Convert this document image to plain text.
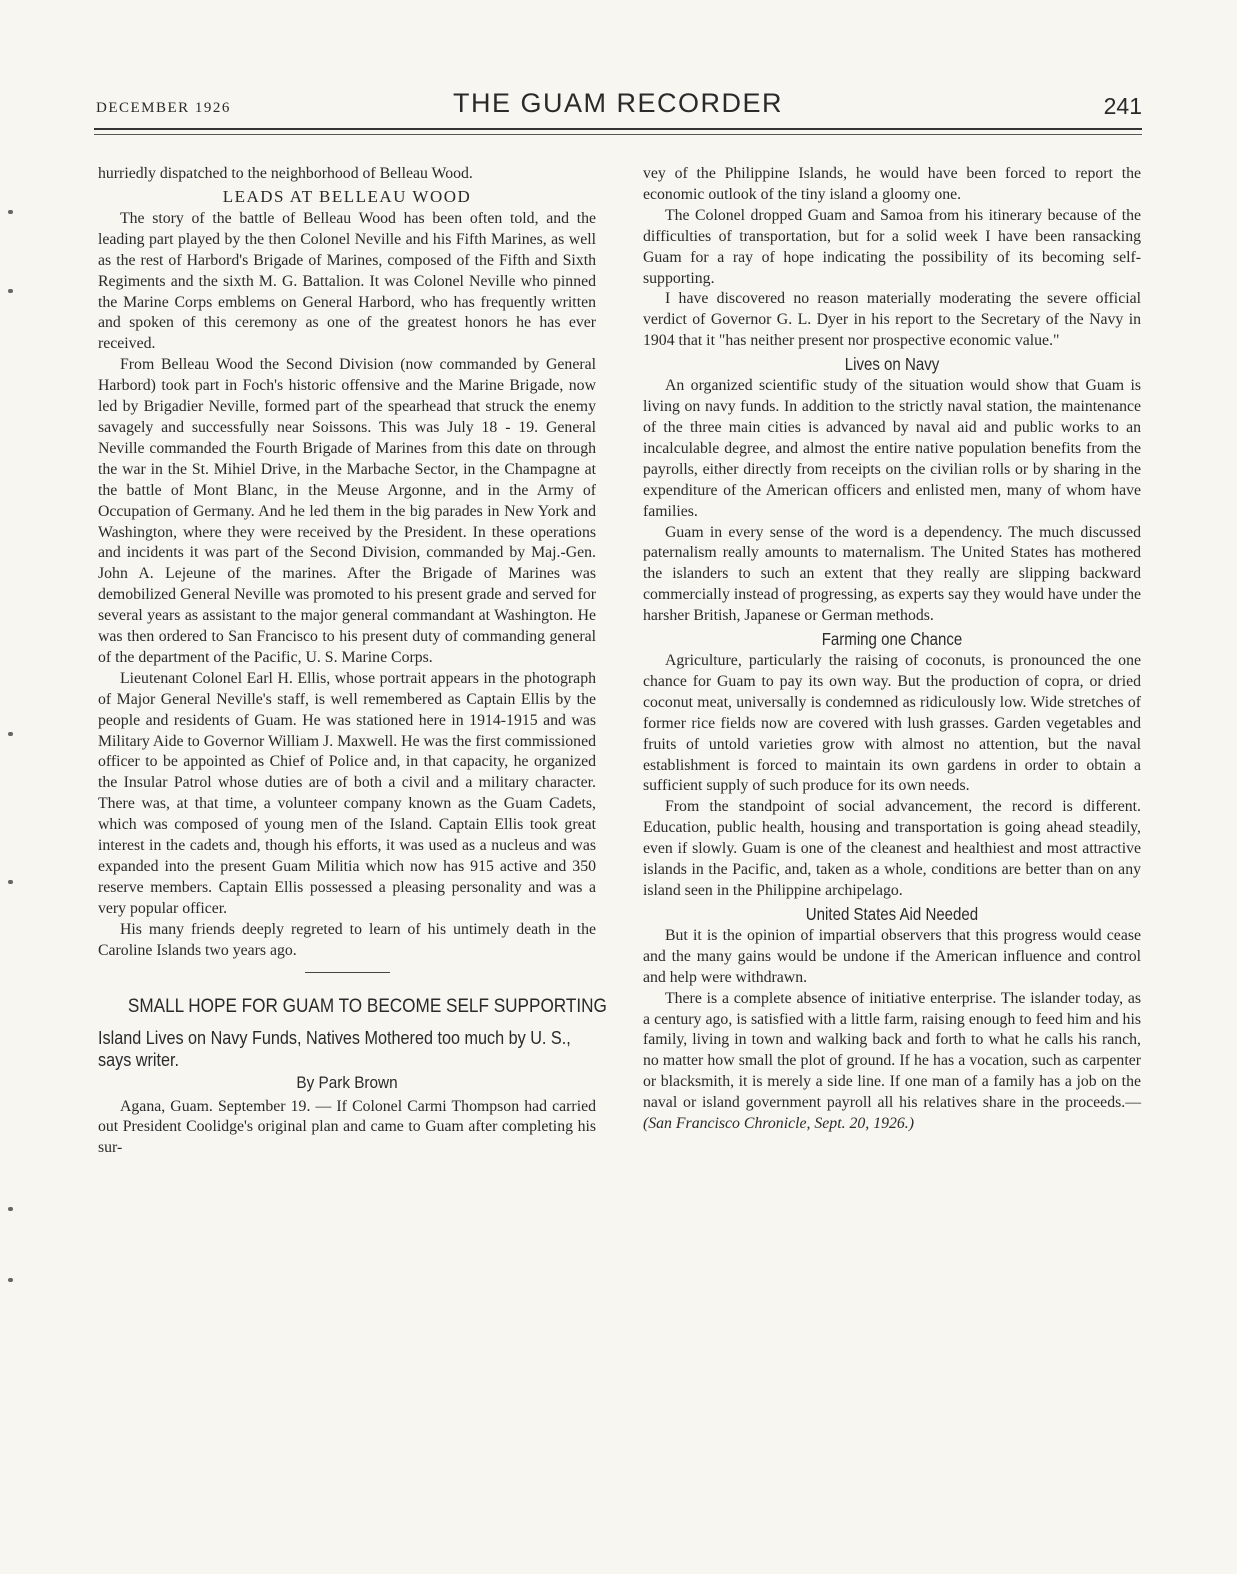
DECEMBER 1926	THE GUAM RECORDER	241

hurriedly dispatched to the neighborhood of Belleau Wood.

LEADS AT BELLEAU WOOD

The story of the battle of Belleau Wood has been often told, and the leading part played by the then Colonel Neville and his Fifth Marines, as well as the rest of Harbord's Brigade of Marines, composed of the Fifth and Sixth Regiments and the sixth M. G. Battalion. It was Colonel Neville who pinned the Marine Corps emblems on General Harbord, who has frequently written and spoken of this ceremony as one of the greatest honors he has ever received.

From Belleau Wood the Second Division (now commanded by General Harbord) took part in Foch's historic offensive and the Marine Brigade, now led by Brigadier Neville, formed part of the spearhead that struck the enemy savagely and successfully near Soissons. This was July 18 - 19. General Neville commanded the Fourth Brigade of Marines from this date on through the war in the St. Mihiel Drive, in the Marbache Sector, in the Champagne at the battle of Mont Blanc, in the Meuse Argonne, and in the Army of Occupation of Germany. And he led them in the big parades in New York and Washington, where they were received by the President. In these operations and incidents it was part of the Second Division, commanded by Maj.-Gen. John A. Lejeune of the marines. After the Brigade of Marines was demobilized General Neville was promoted to his present grade and served for several years as assistant to the major general commandant at Washington. He was then ordered to San Francisco to his present duty of commanding general of the department of the Pacific, U. S. Marine Corps.

Lieutenant Colonel Earl H. Ellis, whose portrait appears in the photograph of Major General Neville's staff, is well remembered as Captain Ellis by the people and residents of Guam. He was stationed here in 1914-1915 and was Military Aide to Governor William J. Maxwell. He was the first commissioned officer to be appointed as Chief of Police and, in that capacity, he organized the Insular Patrol whose duties are of both a civil and a military character. There was, at that time, a volunteer company known as the Guam Cadets, which was composed of young men of the Island. Captain Ellis took great interest in the cadets and, though his efforts, it was used as a nucleus and was expanded into the present Guam Militia which now has 915 active and 350 reserve members. Captain Ellis possessed a pleasing personality and was a very popular officer.

His many friends deeply regreted to learn of his untimely death in the Caroline Islands two years ago.

SMALL HOPE FOR GUAM TO BECOME SELF SUPPORTING
Island Lives on Navy Funds, Natives Mothered too much by U. S., says writer.
By Park Brown

Agana, Guam. September 19. — If Colonel Carmi Thompson had carried out President Coolidge's original plan and came to Guam after completing his sur-

vey of the Philippine Islands, he would have been forced to report the economic outlook of the tiny island a gloomy one.

The Colonel dropped Guam and Samoa from his itinerary because of the difficulties of transportation, but for a solid week I have been ransacking Guam for a ray of hope indicating the possibility of its becoming self-supporting.

I have discovered no reason materially moderating the severe official verdict of Governor G. L. Dyer in his report to the Secretary of the Navy in 1904 that it "has neither present nor prospective economic value."

Lives on Navy

An organized scientific study of the situation would show that Guam is living on navy funds. In addition to the strictly naval station, the maintenance of the three main cities is advanced by naval aid and public works to an incalculable degree, and almost the entire native population benefits from the payrolls, either directly from receipts on the civilian rolls or by sharing in the expenditure of the American officers and enlisted men, many of whom have families.

Guam in every sense of the word is a dependency. The much discussed paternalism really amounts to maternalism. The United States has mothered the islanders to such an extent that they really are slipping backward commercially instead of progressing, as experts say they would have under the harsher British, Japanese or German methods.

Farming one Chance

Agriculture, particularly the raising of coconuts, is pronounced the one chance for Guam to pay its own way. But the production of copra, or dried coconut meat, universally is condemned as ridiculously low. Wide stretches of former rice fields now are covered with lush grasses. Garden vegetables and fruits of untold varieties grow with almost no attention, but the naval establishment is forced to maintain its own gardens in order to obtain a sufficient supply of such produce for its own needs.

From the standpoint of social advancement, the record is different. Education, public health, housing and transportation is going ahead steadily, even if slowly. Guam is one of the cleanest and healthiest and most attractive islands in the Pacific, and, taken as a whole, conditions are better than on any island seen in the Philippine archipelago.

United States Aid Needed

But it is the opinion of impartial observers that this progress would cease and the many gains would be undone if the American influence and control and help were withdrawn.

There is a complete absence of initiative enterprise. The islander today, as a century ago, is satisfied with a little farm, raising enough to feed him and his family, living in town and walking back and forth to what he calls his ranch, no matter how small the plot of ground. If he has a vocation, such as carpenter or blacksmith, it is merely a side line. If one man of a family has a job on the naval or island government payroll all his relatives share in the proceeds.—(San Francisco Chronicle, Sept. 20, 1926.)
